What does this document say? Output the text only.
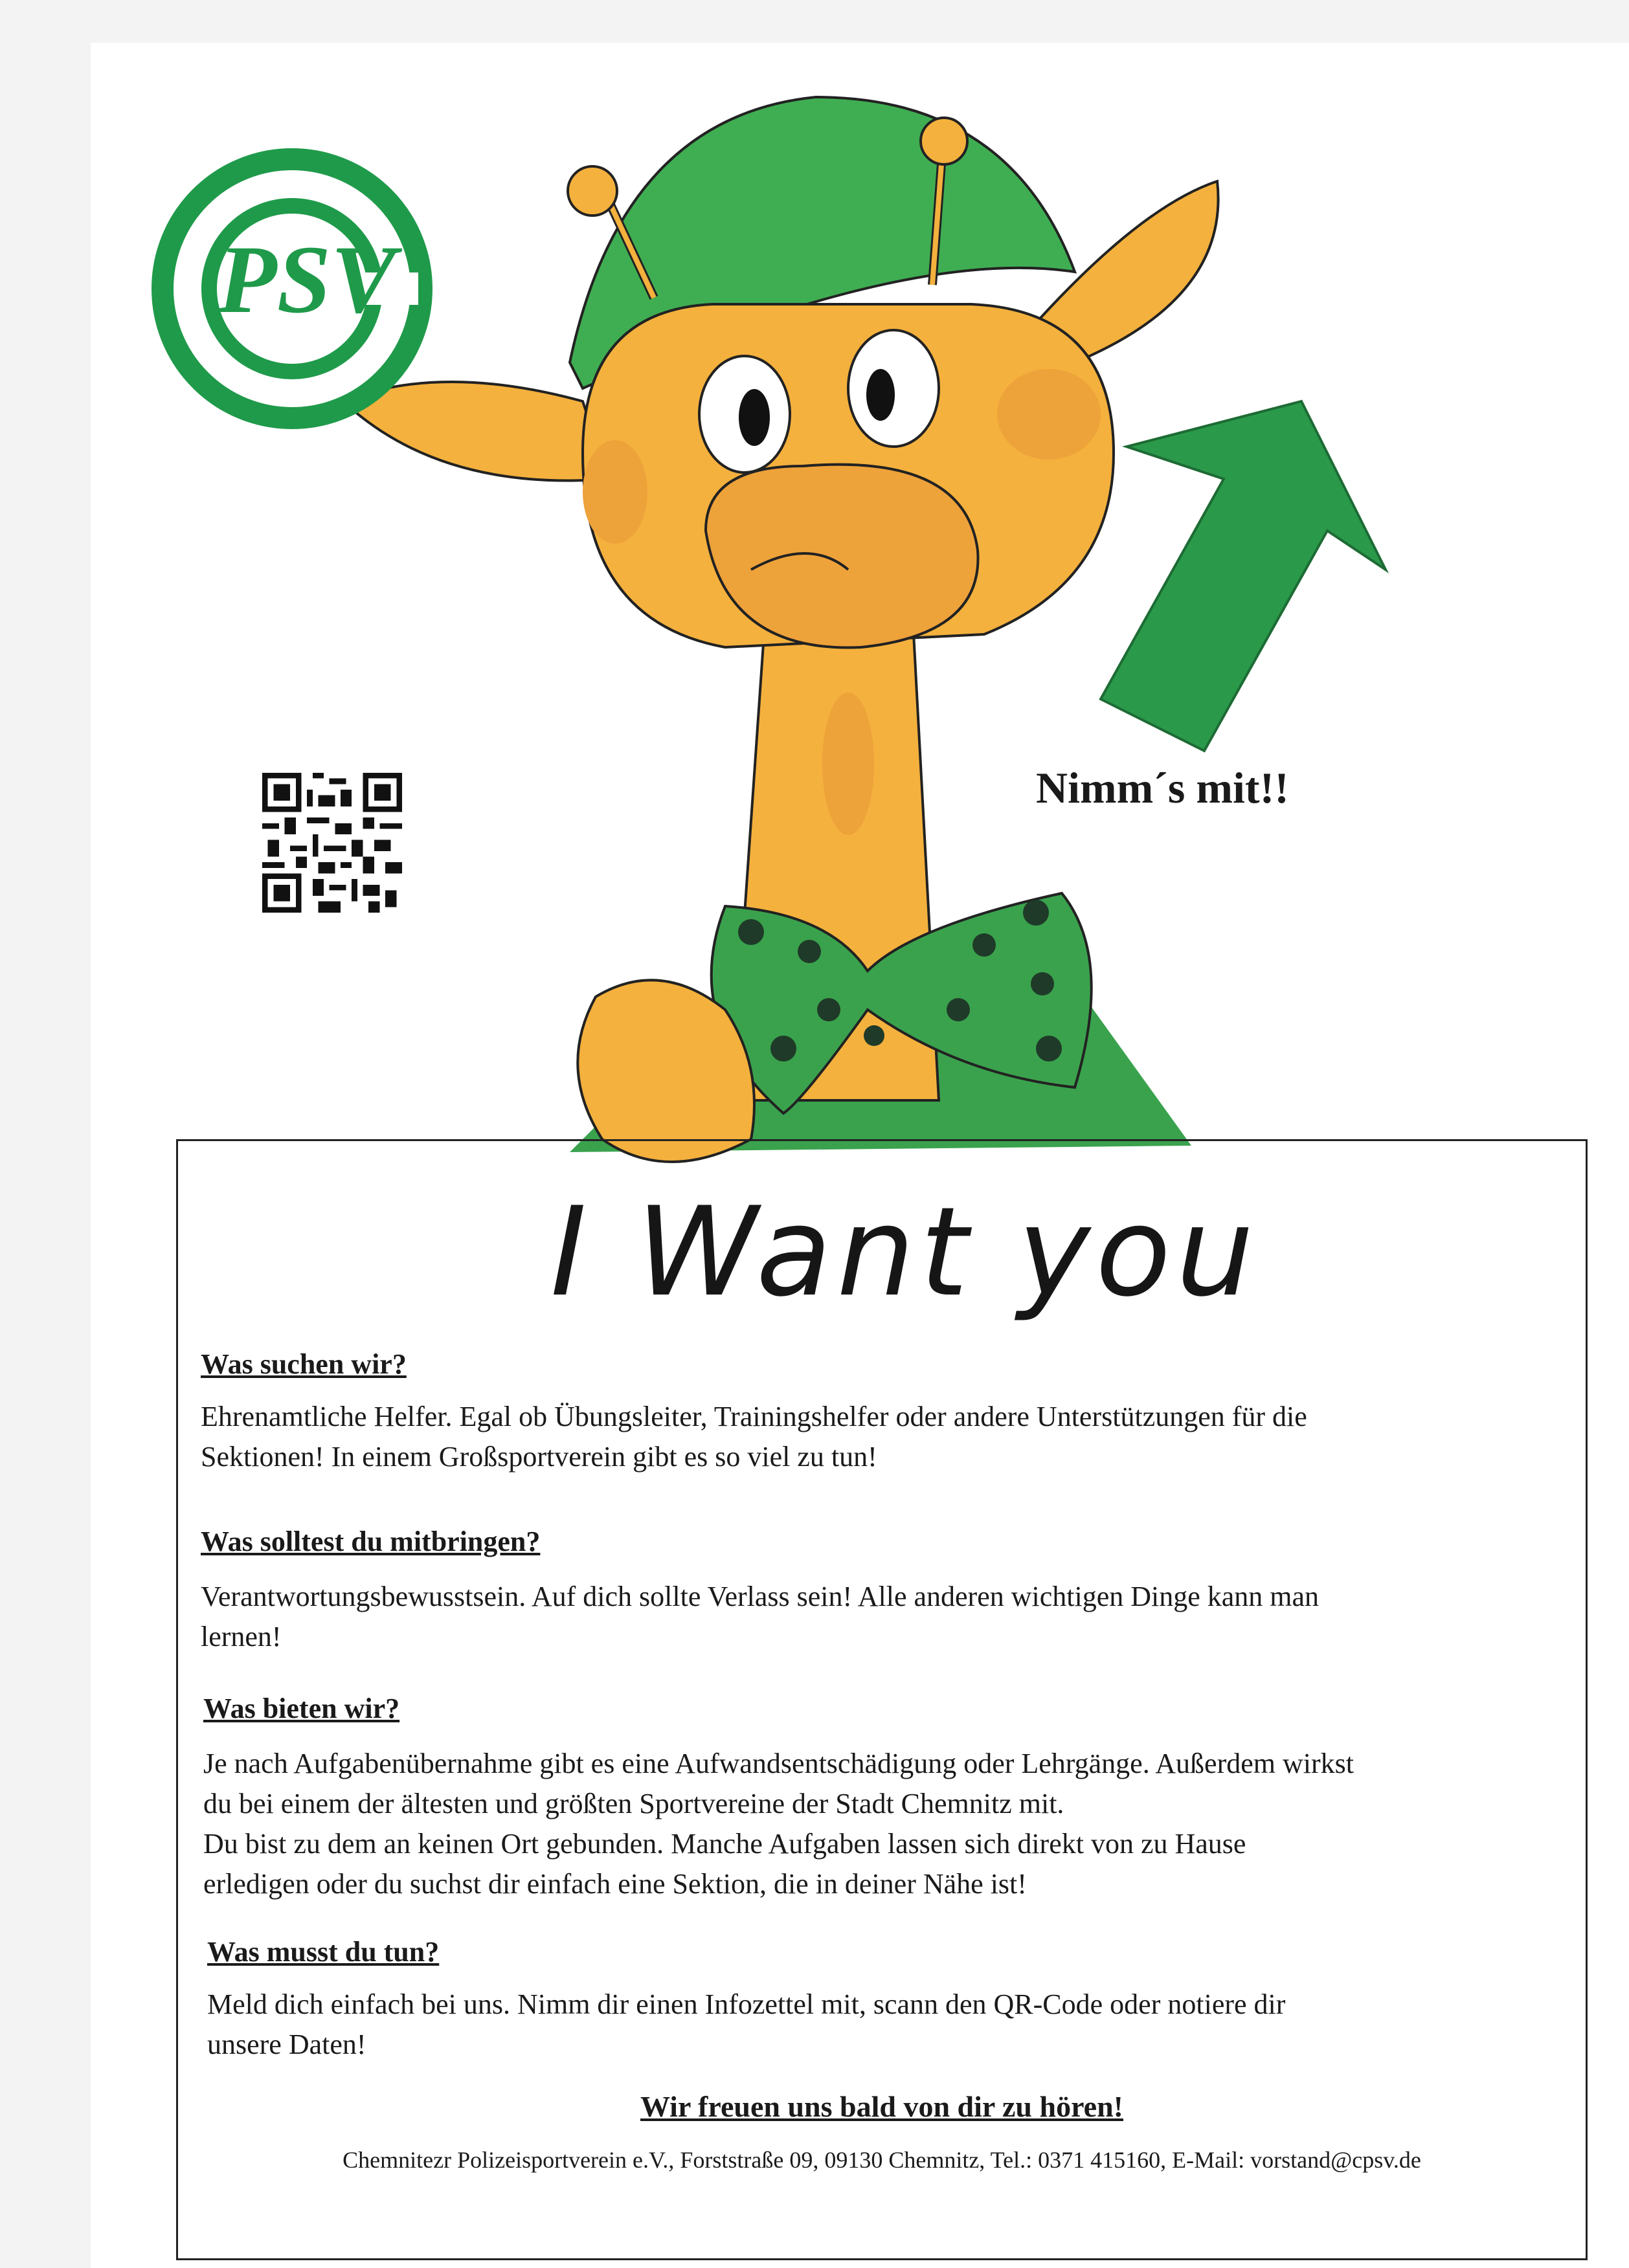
PSV
Nimm´s mit!!
I Want you
Was suchen wir?
Ehrenamtliche Helfer. Egal ob Übungsleiter, Trainingshelfer oder andere Unterstützungen für die
Sektionen! In einem Großsportverein gibt es so viel zu tun!
Was solltest du mitbringen?
Verantwortungsbewusstsein. Auf dich sollte Verlass sein! Alle anderen wichtigen Dinge kann man
lernen!
Was bieten wir?
Je nach Aufgabenübernahme gibt es eine Aufwandsentschädigung oder Lehrgänge. Außerdem wirkst
du bei einem der ältesten und größten Sportvereine der Stadt Chemnitz mit.
Du bist zu dem an keinen Ort gebunden. Manche Aufgaben lassen sich direkt von zu Hause
erledigen oder du suchst dir einfach eine Sektion, die in deiner Nähe ist!
Was musst du tun?
Meld dich einfach bei uns. Nimm dir einen Infozettel mit, scann den QR-Code oder notiere dir
unsere Daten!
Wir freuen uns bald von dir zu hören!
Chemnitezr Polizeisportverein e.V., Forststraße 09, 09130 Chemnitz, Tel.: 0371 415160, E-Mail: vorstand@cpsv.de
